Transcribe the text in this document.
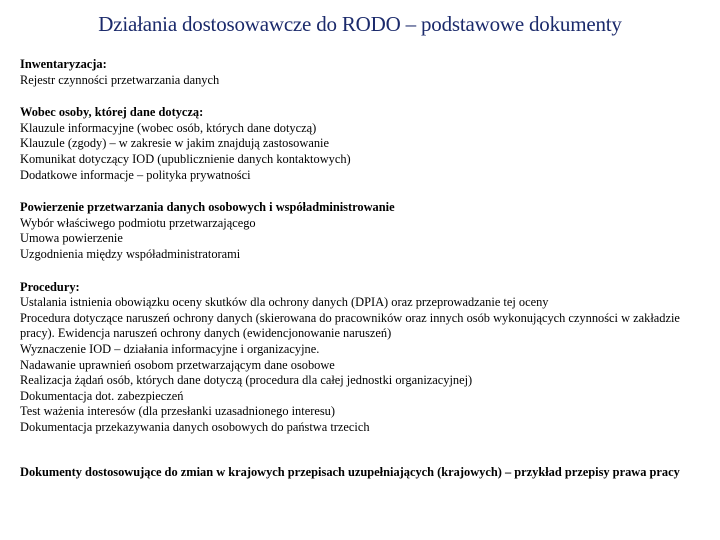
Działania dostosowawcze do RODO – podstawowe dokumenty
Inwentaryzacja:
Rejestr czynności przetwarzania danych
Wobec osoby, której dane dotyczą:
Klauzule informacyjne (wobec osób, których dane dotyczą)
Klauzule (zgody) – w zakresie w jakim znajdują zastosowanie
Komunikat dotyczący IOD (upublicznienie danych kontaktowych)
Dodatkowe informacje – polityka prywatności
Powierzenie przetwarzania danych osobowych i współadministrowanie
Wybór właściwego podmiotu przetwarzającego
Umowa powierzenie
Uzgodnienia między współadministratorami
Procedury:
Ustalania istnienia obowiązku oceny skutków dla ochrony danych (DPIA) oraz przeprowadzanie tej oceny
Procedura dotyczące naruszeń ochrony danych (skierowana do pracowników oraz innych osób wykonujących czynności w zakładzie pracy). Ewidencja naruszeń ochrony danych (ewidencjonowanie naruszeń)
Wyznaczenie IOD – działania informacyjne i organizacyjne.
Nadawanie uprawnień osobom przetwarzającym dane osobowe
Realizacja żądań osób, których dane dotyczą (procedura dla całej jednostki organizacyjnej)
Dokumentacja dot. zabezpieczeń
Test ważenia interesów (dla przesłanki uzasadnionego interesu)
Dokumentacja przekazywania danych osobowych do państwa trzecich
Dokumenty dostosowujące do zmian w krajowych przepisach uzupełniających (krajowych) – przykład przepisy prawa pracy
